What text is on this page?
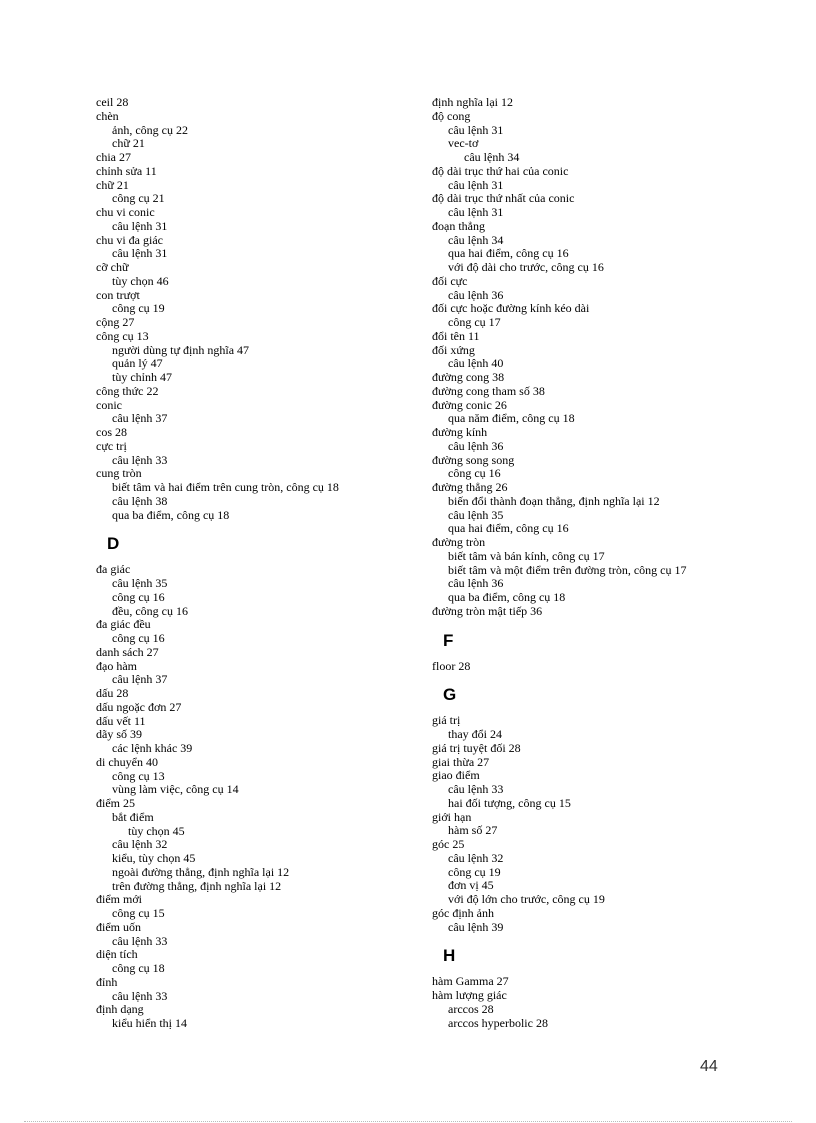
ceil 28
chèn
ảnh, công cụ 22
chữ 21
chia 27
chỉnh sửa 11
chữ 21
công cụ 21
chu vi conic
câu lệnh 31
chu vi đa giác
câu lệnh 31
cỡ chữ
tùy chọn 46
con trượt
công cụ 19
cộng 27
công cụ 13
người dùng tự định nghĩa 47
quản lý 47
tùy chỉnh 47
công thức 22
conic
câu lệnh 37
cos 28
cực trị
câu lệnh 33
cung tròn
biết tâm và hai điểm trên cung tròn, công cụ 18
câu lệnh 38
qua ba điểm, công cụ 18
D
đa giác
câu lệnh 35
công cụ 16
đều, công cụ 16
đa giác đều
công cụ 16
danh sách 27
đạo hàm
câu lệnh 37
dấu 28
dấu ngoặc đơn 27
dấu vết 11
dãy số 39
các lệnh khác 39
di chuyển 40
công cụ 13
vùng làm việc, công cụ 14
điểm 25
bắt điểm
tùy chọn 45
câu lệnh 32
kiểu, tùy chọn 45
ngoài đường thẳng, định nghĩa lại 12
trên đường thẳng, định nghĩa lại 12
điểm mới
công cụ 15
điểm uốn
câu lệnh 33
diện tích
công cụ 18
đỉnh
câu lệnh 33
định dạng
kiểu hiển thị 14
định nghĩa lại 12
độ cong
câu lệnh 31
vec-tơ
câu lệnh 34
độ dài trục thứ hai của conic
câu lệnh 31
độ dài trục thứ nhất của conic
câu lệnh 31
đoạn thẳng
câu lệnh 34
qua hai điểm, công cụ 16
với độ dài cho trước, công cụ 16
đối cực
câu lệnh 36
đối cực hoặc đường kính kéo dài
công cụ 17
đổi tên 11
đối xứng
câu lệnh 40
đường cong 38
đường cong tham số 38
đường conic 26
qua năm điểm, công cụ 18
đường kính
câu lệnh 36
đường song song
công cụ 16
đường thẳng 26
biến đổi thành đoạn thẳng, định nghĩa lại 12
câu lệnh 35
qua hai điểm, công cụ 16
đường tròn
biết tâm và bán kính, công cụ 17
biết tâm và một điểm trên đường tròn, công cụ 17
câu lệnh 36
qua ba điểm, công cụ 18
đường tròn mật tiếp 36
F
floor 28
G
giá trị
thay đổi 24
giá trị tuyệt đối 28
giai thừa 27
giao điểm
câu lệnh 33
hai đối tượng, công cụ 15
giới hạn
hàm số 27
góc 25
câu lệnh 32
công cụ 19
đơn vị 45
với độ lớn cho trước, công cụ 19
góc định ảnh
câu lệnh 39
H
hàm Gamma 27
hàm lượng giác
arccos 28
arccos hyperbolic 28
44
